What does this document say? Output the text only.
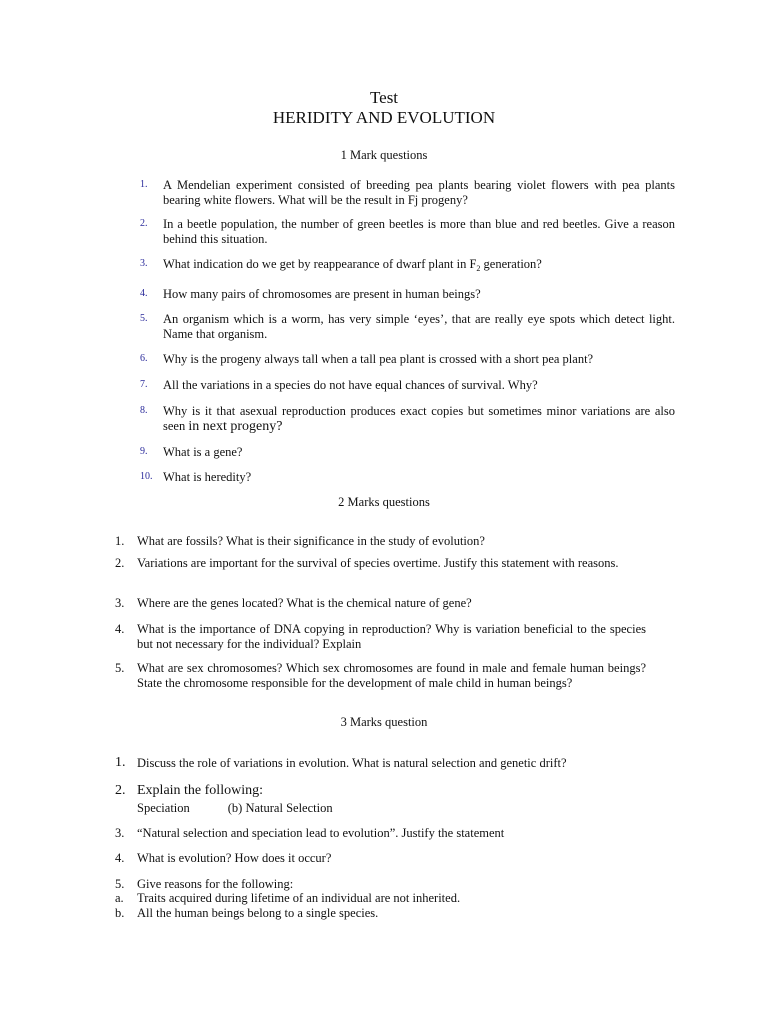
Test
HERIDITY AND EVOLUTION
1 Mark questions
1.	A Mendelian experiment consisted of breeding pea plants bearing violet flowers with pea plants bearing white flowers. What will be the result in Fj progeny?
2.	In a beetle population, the number of green beetles is more than blue and red beetles. Give a reason behind this situation.
3.	What indication do we get by reappearance of dwarf plant in $F_2$ generation?
4.	How many pairs of chromosomes are present in human beings?
5.	An organism which is a worm, has very simple ‘eyes’, that are really eye spots which detect light. Name that organism.
6.	Why is the progeny always tall when a tall pea plant is crossed with a short pea plant?
7.	All the variations in a species do not have equal chances of survival. Why?
8.	Why is it that asexual reproduction produces exact copies but sometimes minor variations are also seen in next progeny?
9.	What is a gene?
10. What is heredity?
2 Marks questions
1.	What are fossils? What is their significance in the study of evolution?
2.	Variations are important for the survival of species overtime. Justify this statement with reasons.
3.	Where are the genes located? What is the chemical nature of gene?
4.	What is the importance of DNA copying in reproduction? Why is variation beneficial to the species but not necessary for the individual? Explain
5.	What are sex chromosomes? Which sex chromosomes are found in male and female human beings? State the chromosome responsible for the development of male child in human beings?
3 Marks question
1. Discuss the role of variations in evolution. What is natural selection and genetic drift?
2. Explain the following:
Speciation	(b) Natural Selection
3.	“Natural selection and speciation lead to evolution”. Justify the statement
4.	What is evolution? How does it occur?
5.	Give reasons for the following:
a.	Traits acquired during lifetime of an individual are not inherited.
b.	All the human beings belong to a single species.
